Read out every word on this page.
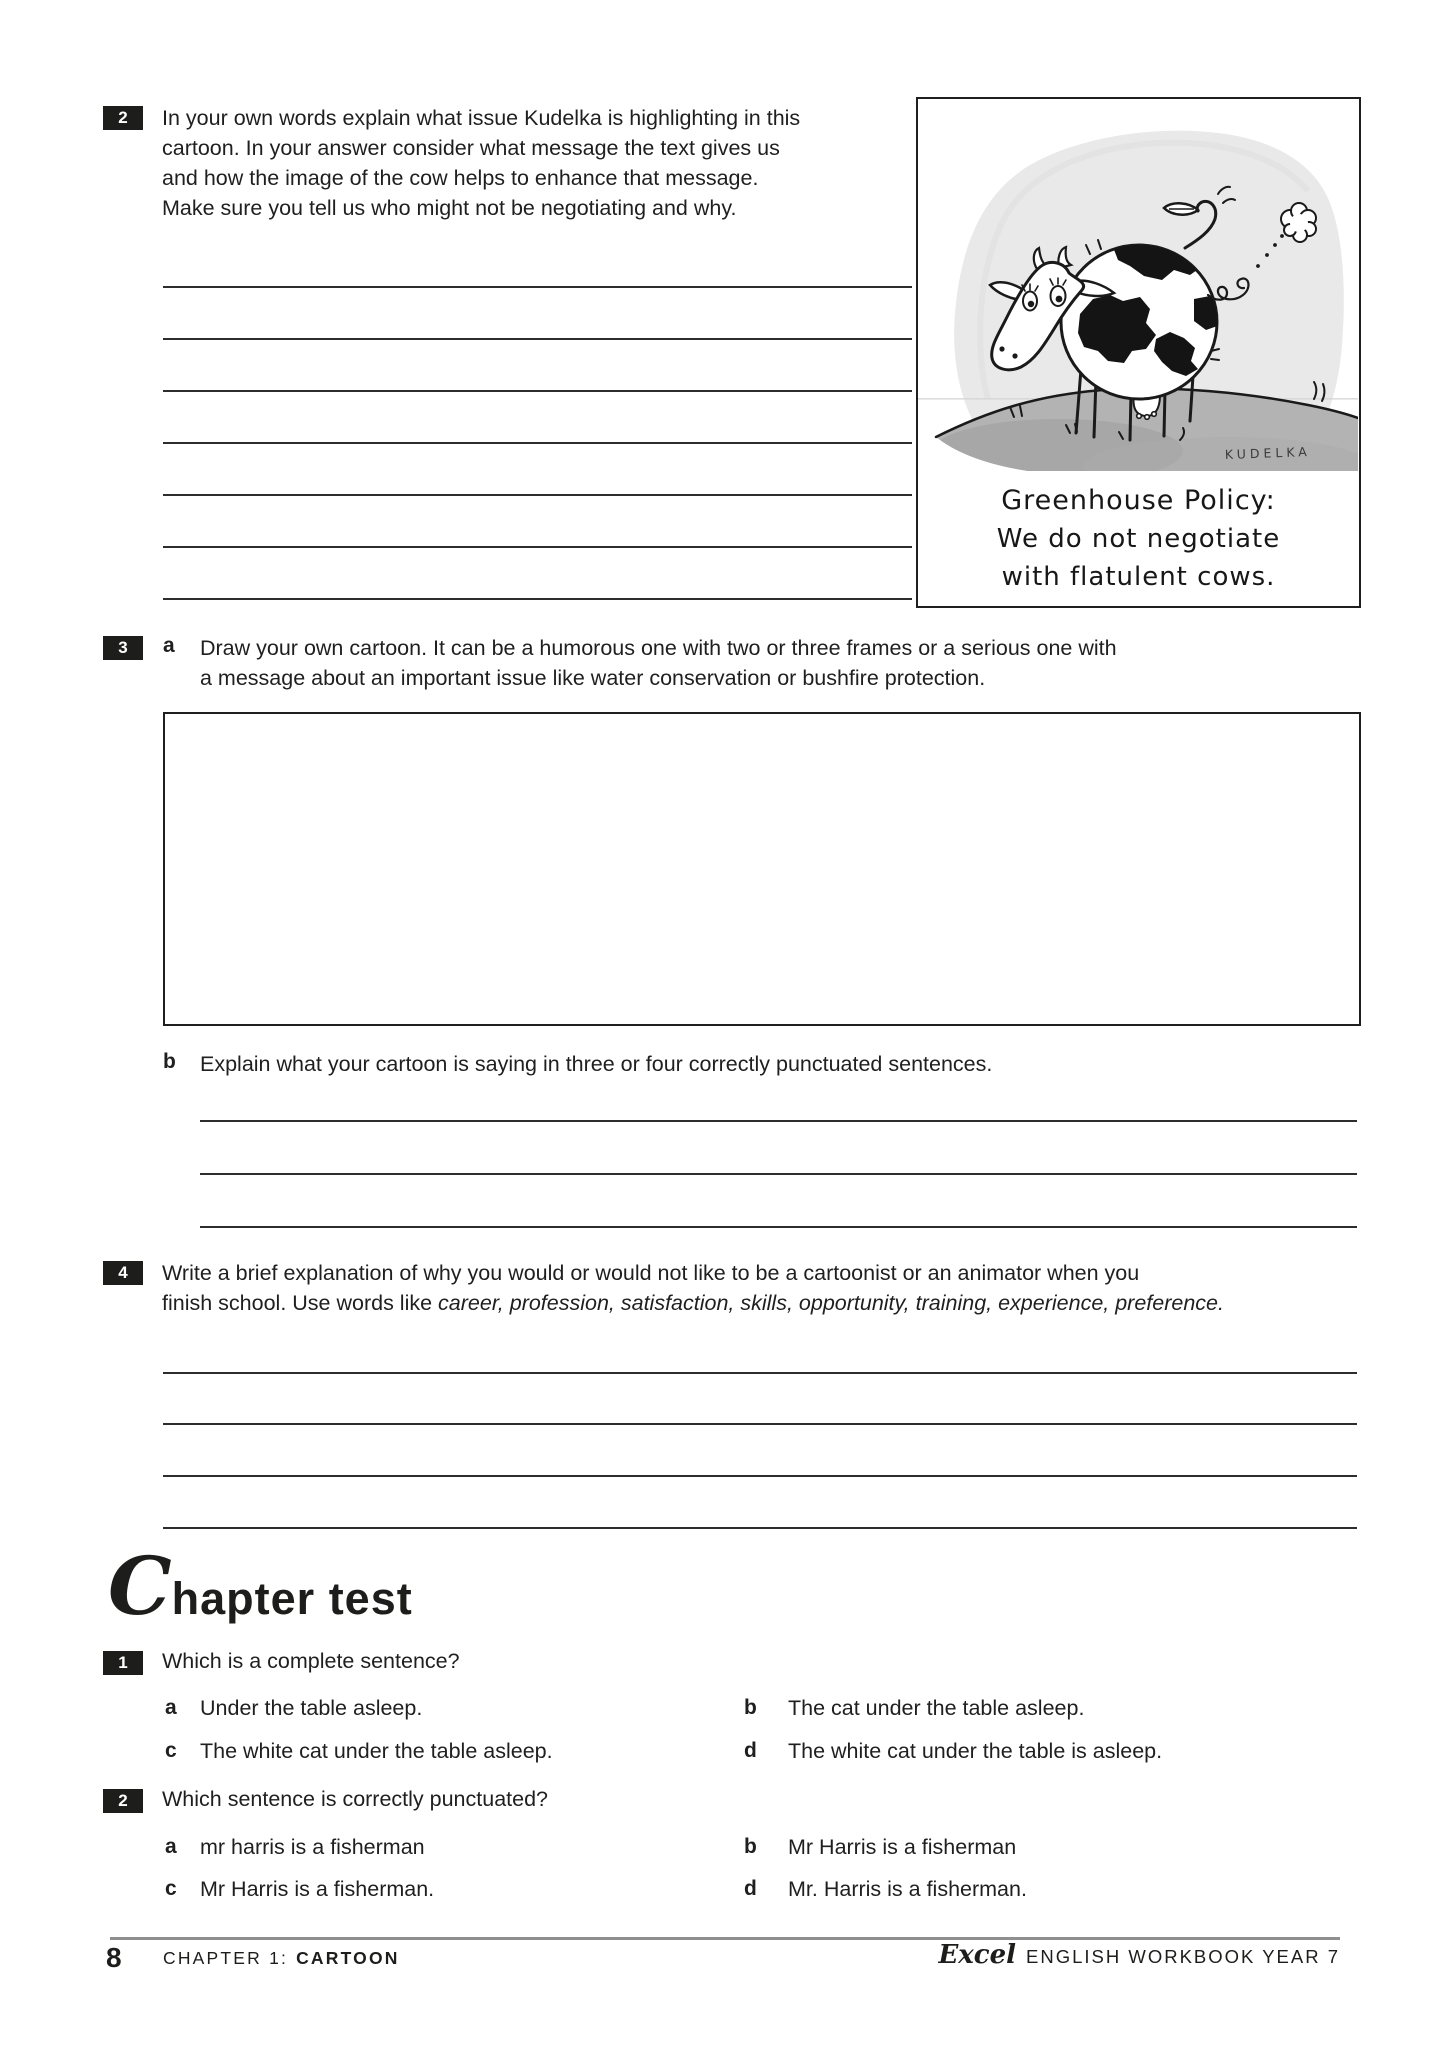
2 In your own words explain what issue Kudelka is highlighting in this
cartoon. In your answer consider what message the text gives us
and how the image of the cow helps to enhance that message.
Make sure you tell us who might not be negotiating and why.
KUDELKA
Greenhouse Policy:
We do not negotiate
with flatulent cows.
3 a Draw your own cartoon. It can be a humorous one with two or three frames or a serious one with
a message about an important issue like water conservation or bushfire protection.
b Explain what your cartoon is saying in three or four correctly punctuated sentences.
4 Write a brief explanation of why you would or would not like to be a cartoonist or an animator when you
finish school. Use words like career, profession, satisfaction, skills, opportunity, training, experience, preference.
Chapter test
1 Which is a complete sentence?
a Under the table asleep.	b The cat under the table asleep.
c The white cat under the table asleep.	d The white cat under the table is asleep.
2 Which sentence is correctly punctuated?
a mr harris is a fisherman	b Mr Harris is a fisherman
c Mr Harris is a fisherman.	d Mr. Harris is a fisherman.
8 CHAPTER 1: CARTOON	Excel ENGLISH WORKBOOK YEAR 7
